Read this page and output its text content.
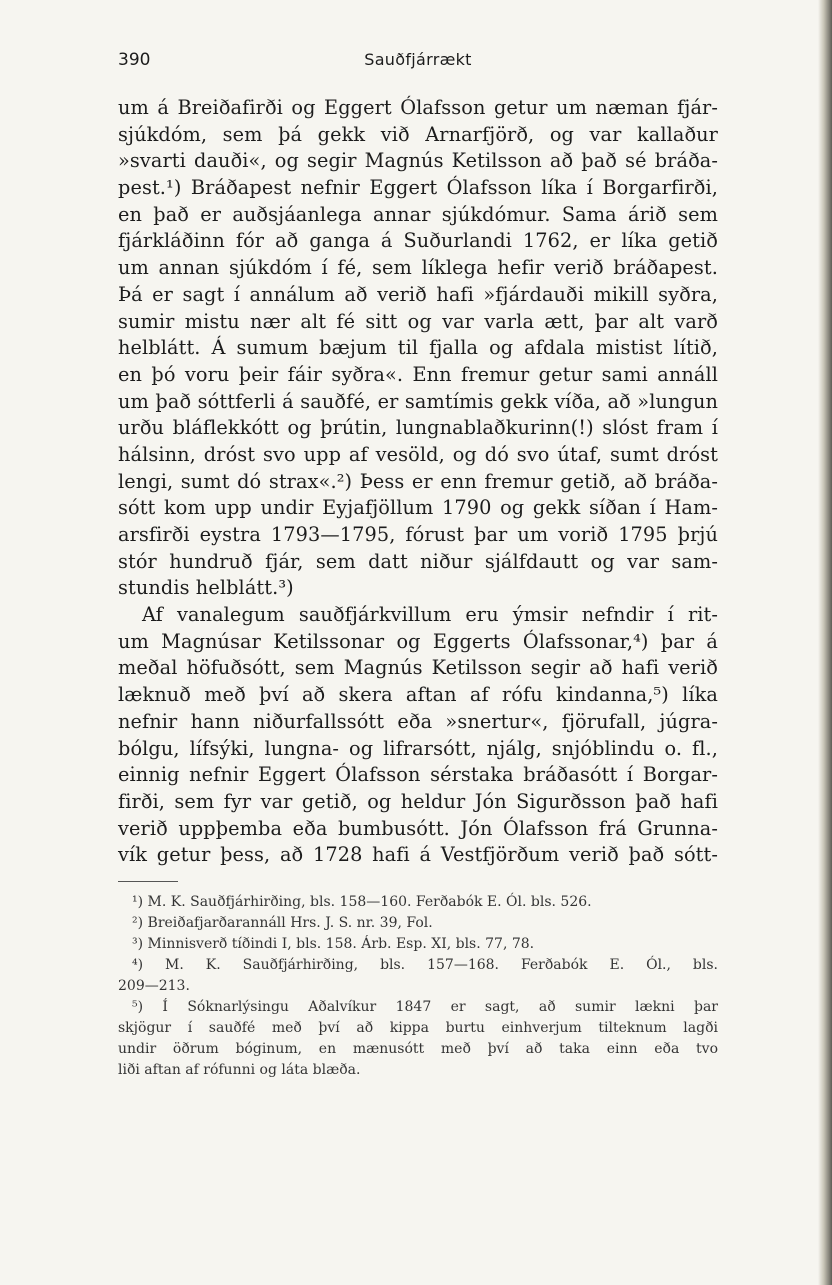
390	Sauðfjárrækt
um á Breiðafirði og Eggert Ólafsson getur um næman fjár-
sjúkdóm, sem þá gekk við Arnarfjörð, og var kallaður
»svarti dauði«, og segir Magnús Ketilsson að það sé bráða-
pest.¹) Bráðapest nefnir Eggert Ólafsson líka í Borgarfirði,
en það er auðsjáanlega annar sjúkdómur. Sama árið sem
fjárkláðinn fór að ganga á Suðurlandi 1762, er líka getið
um annan sjúkdóm í fé, sem líklega hefir verið bráðapest.
Þá er sagt í annálum að verið hafi »fjárdauði mikill syðra,
sumir mistu nær alt fé sitt og var varla ætt, þar alt varð
helblátt. Á sumum bæjum til fjalla og afdala mistist lítið,
en þó voru þeir fáir syðra«. Enn fremur getur sami annáll
um það sóttferli á sauðfé, er samtímis gekk víða, að »lungun
urðu bláflekkótt og þrútin, lungnablaðkurinn(!) slóst fram í
hálsinn, dróst svo upp af vesöld, og dó svo útaf, sumt dróst
lengi, sumt dó strax«.²) Þess er enn fremur getið, að bráða-
sótt kom upp undir Eyjafjöllum 1790 og gekk síðan í Ham-
arsfirði eystra 1793—1795, fórust þar um vorið 1795 þrjú
stór hundruð fjár, sem datt niður sjálfdautt og var sam-
stundis helblátt.³)
Af vanalegum sauðfjárkvillum eru ýmsir nefndir í rit-
um Magnúsar Ketilssonar og Eggerts Ólafssonar,⁴) þar á
meðal höfuðsótt, sem Magnús Ketilsson segir að hafi verið
læknuð með því að skera aftan af rófu kindanna,⁵) líka
nefnir hann niðurfallssótt eða »snertur«, fjörufall, júgra-
bólgu, lífsýki, lungna- og lifrarsótt, njálg, snjóblindu o. fl.,
einnig nefnir Eggert Ólafsson sérstaka bráðasótt í Borgar-
firði, sem fyr var getið, og heldur Jón Sigurðsson það hafi
verið uppþemba eða bumbusótt. Jón Ólafsson frá Grunna-
vík getur þess, að 1728 hafi á Vestfjörðum verið það sótt-
¹) M. K. Sauðfjárhirðing, bls. 158—160. Ferðabók E. Ól. bls. 526.
²) Breiðafjarðarannáll Hrs. J. S. nr. 39, Fol.
³) Minnisverð tíðindi I, bls. 158. Árb. Esp. XI, bls. 77, 78.
⁴) M. K. Sauðfjárhirðing, bls. 157—168. Ferðabók E. Ól., bls.
209—213.
⁵) Í Sóknarlýsingu Aðalvíkur 1847 er sagt, að sumir lækni þar
skjögur í sauðfé með því að kippa burtu einhverjum tilteknum lagði
undir öðrum bóginum, en mænusótt með því að taka einn eða tvo
liði aftan af rófunni og láta blæða.
